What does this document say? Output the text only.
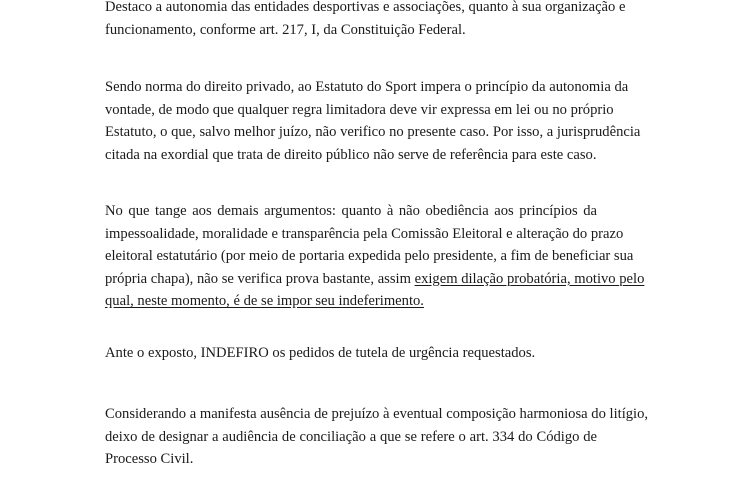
Destaco a autonomia das entidades desportivas e associações, quanto à sua organização e
funcionamento, conforme art. 217, I, da Constituição Federal.
Sendo norma do direito privado, ao Estatuto do Sport impera o princípio da autonomia da
vontade, de modo que qualquer regra limitadora deve vir expressa em lei ou no próprio
Estatuto, o que, salvo melhor juízo, não verifico no presente caso. Por isso, a jurisprudência
citada na exordial que trata de direito público não serve de referência para este caso.
No que tange aos demais argumentos: quanto à não obediência aos princípios da
impessoalidade, moralidade e transparência pela Comissão Eleitoral e alteração do prazo
eleitoral estatutário (por meio de portaria expedida pelo presidente, a fim de beneficiar sua
própria chapa), não se verifica prova bastante, assim exigem dilação probatória, motivo pelo
qual, neste momento, é de se impor seu indeferimento.
Ante o exposto, INDEFIRO os pedidos de tutela de urgência requestados.
Considerando a manifesta ausência de prejuízo à eventual composição harmoniosa do litígio,
deixo de designar a audiência de conciliação a que se refere o art. 334 do Código de
Processo Civil.
